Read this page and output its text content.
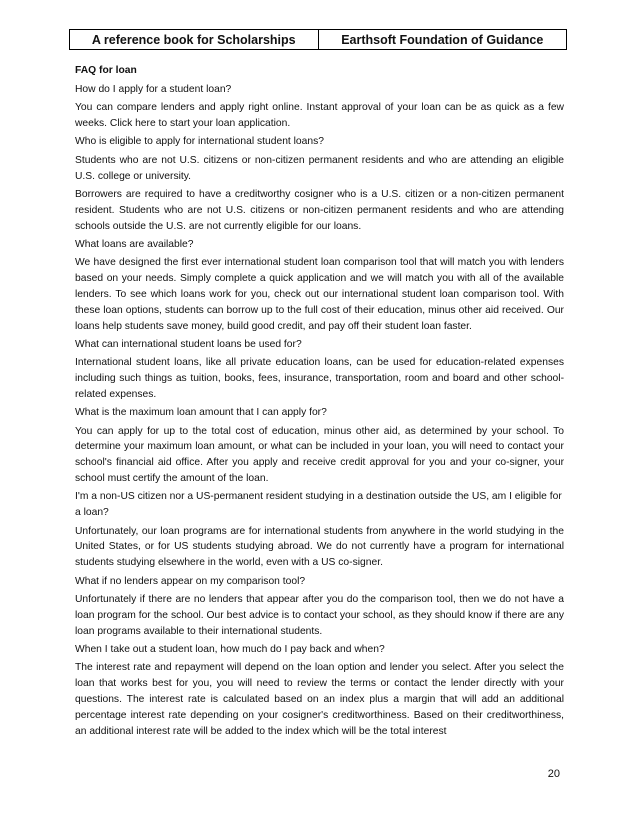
A reference book for Scholarships	Earthsoft Foundation of Guidance

FAQ for loan

How do I apply for a student loan?

You can compare lenders and apply right online. Instant approval of your loan can be as quick as a few weeks. Click here to start your loan application.

Who is eligible to apply for international student loans?

Students who are not U.S. citizens or non-citizen permanent residents and who are attending an eligible U.S. college or university.

Borrowers are required to have a creditworthy cosigner who is a U.S. citizen or a non-citizen permanent resident. Students who are not U.S. citizens or non-citizen permanent residents and who are attending schools outside the U.S. are not currently eligible for our loans.

What loans are available?

We have designed the first ever international student loan comparison tool that will match you with lenders based on your needs. Simply complete a quick application and we will match you with all of the available lenders. To see which loans work for you, check out our international student loan comparison tool. With these loan options, students can borrow up to the full cost of their education, minus other aid received. Our loans help students save money, build good credit, and pay off their student loan faster.

What can international student loans be used for?

International student loans, like all private education loans, can be used for education-related expenses including such things as tuition, books, fees, insurance, transportation, room and board and other school-related expenses.

What is the maximum loan amount that I can apply for?

You can apply for up to the total cost of education, minus other aid, as determined by your school. To determine your maximum loan amount, or what can be included in your loan, you will need to contact your school's financial aid office. After you apply and receive credit approval for you and your co-signer, your school must certify the amount of the loan.

I'm a non-US citizen nor a US-permanent resident studying in a destination outside the US, am I eligible for a loan?

Unfortunately, our loan programs are for international students from anywhere in the world studying in the United States, or for US students studying abroad. We do not currently have a program for international students studying elsewhere in the world, even with a US co-signer.

What if no lenders appear on my comparison tool?

Unfortunately if there are no lenders that appear after you do the comparison tool, then we do not have a loan program for the school. Our best advice is to contact your school, as they should know if there are any loan programs available to their international students.

When I take out a student loan, how much do I pay back and when?

The interest rate and repayment will depend on the loan option and lender you select. After you select the loan that works best for you, you will need to review the terms or contact the lender directly with your questions. The interest rate is calculated based on an index plus a margin that will add an additional percentage interest rate depending on your cosigner's creditworthiness. Based on their creditworthiness, an additional interest rate will be added to the index which will be the total interest

20
